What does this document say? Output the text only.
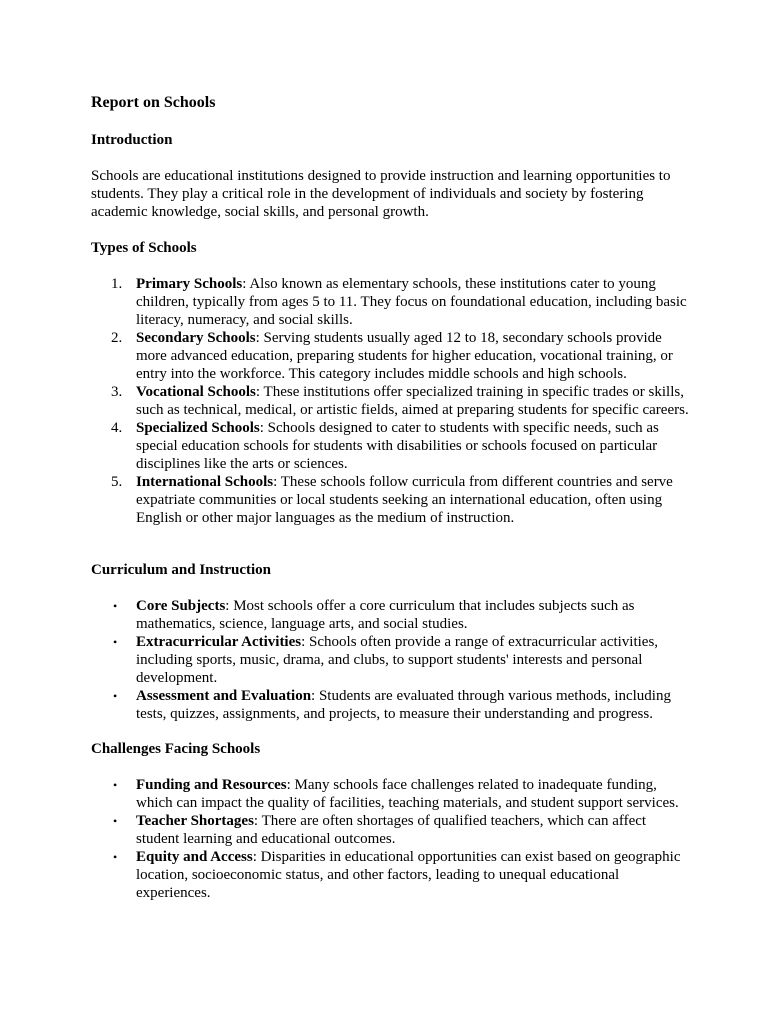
Report on Schools
Introduction

Schools are educational institutions designed to provide instruction and learning opportunities to students. They play a critical role in the development of individuals and society by fostering academic knowledge, social skills, and personal growth.

Types of Schools
1. Primary Schools: Also known as elementary schools, these institutions cater to young children, typically from ages 5 to 11. They focus on foundational education, including basic literacy, numeracy, and social skills.
2. Secondary Schools: Serving students usually aged 12 to 18, secondary schools provide more advanced education, preparing students for higher education, vocational training, or entry into the workforce. This category includes middle schools and high schools.
3. Vocational Schools: These institutions offer specialized training in specific trades or skills, such as technical, medical, or artistic fields, aimed at preparing students for specific careers.
4. Specialized Schools: Schools designed to cater to students with specific needs, such as special education schools for students with disabilities or schools focused on particular disciplines like the arts or sciences.
5. International Schools: These schools follow curricula from different countries and serve expatriate communities or local students seeking an international education, often using English or other major languages as the medium of instruction.
Curriculum and Instruction
•	Core Subjects: Most schools offer a core curriculum that includes subjects such as mathematics, science, language arts, and social studies.
•	Extracurricular Activities: Schools often provide a range of extracurricular activities, including sports, music, drama, and clubs, to support students' interests and personal development.
•	Assessment and Evaluation: Students are evaluated through various methods, including tests, quizzes, assignments, and projects, to measure their understanding and progress.
Challenges Facing Schools
•	Funding and Resources: Many schools face challenges related to inadequate funding, which can impact the quality of facilities, teaching materials, and student support services.
•	Teacher Shortages: There are often shortages of qualified teachers, which can affect student learning and educational outcomes.
•	Equity and Access: Disparities in educational opportunities can exist based on geographic location, socioeconomic status, and other factors, leading to unequal educational experiences.
